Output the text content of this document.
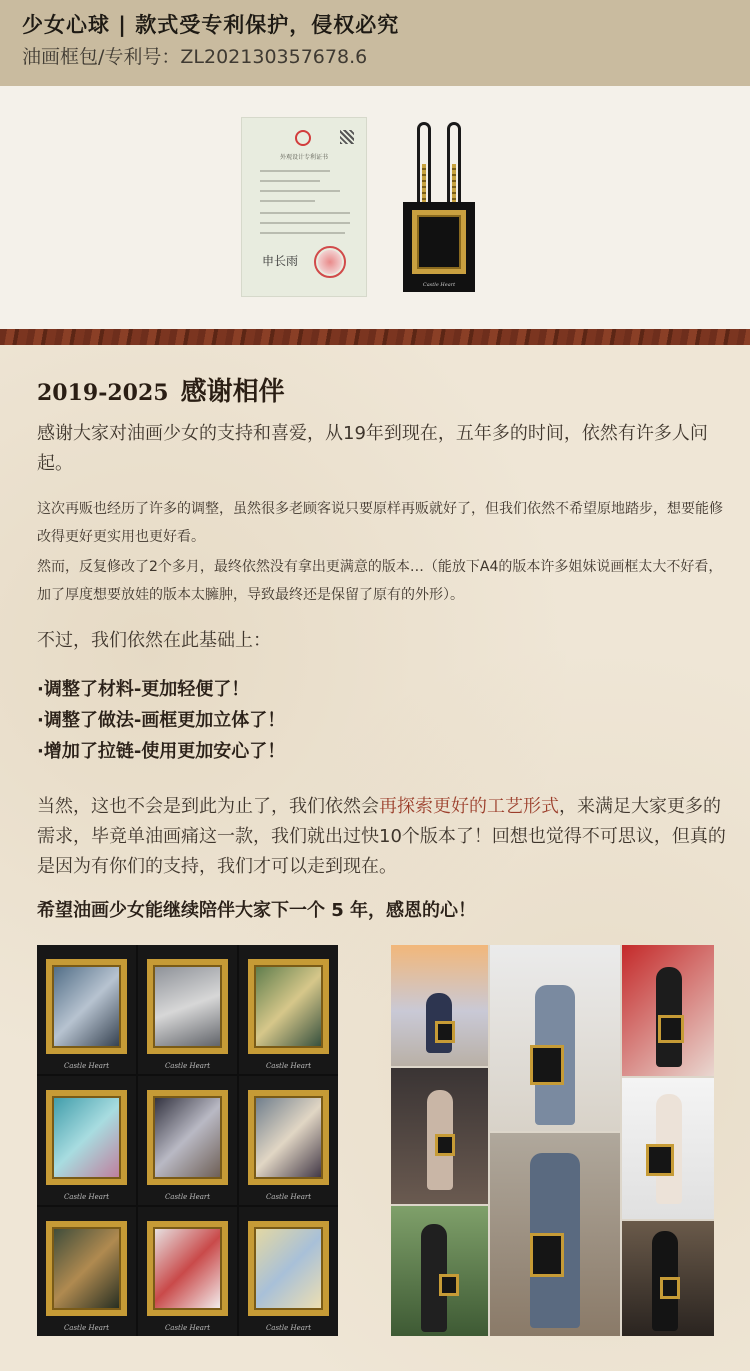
少女心球 | 款式受专利保护，侵权必究
油画框包/专利号：ZL202130357678.6
外观设计专利证书
申长雨
Castle Heart
2019-2025 感谢相伴
感谢大家对油画少女的支持和喜爱，从19年到现在，五年多的时间，依然有许多人问起。
这次再贩也经历了许多的调整，虽然很多老顾客说只要原样再贩就好了，但我们依然不希望原地踏步，想要能修改得更好更实用也更好看。
然而，反复修改了2个多月，最终依然没有拿出更满意的版本…（能放下A4的版本许多姐妹说画框太大不好看，加了厚度想要放娃的版本太臃肿，导致最终还是保留了原有的外形）。
不过，我们依然在此基础上：
·调整了材料-更加轻便了！
·调整了做法-画框更加立体了！
·增加了拉链-使用更加安心了！
当然，这也不会是到此为止了，我们依然会再探索更好的工艺形式，来满足大家更多的需求，毕竟单油画痛这一款，我们就出过快10个版本了！回想也觉得不可思议，但真的是因为有你们的支持，我们才可以走到现在。
希望油画少女能继续陪伴大家下一个 5 年，感恩的心！
Castle Heart	Castle Heart	Castle Heart
Castle Heart	Castle Heart	Castle Heart
Castle Heart	Castle Heart	Castle Heart
